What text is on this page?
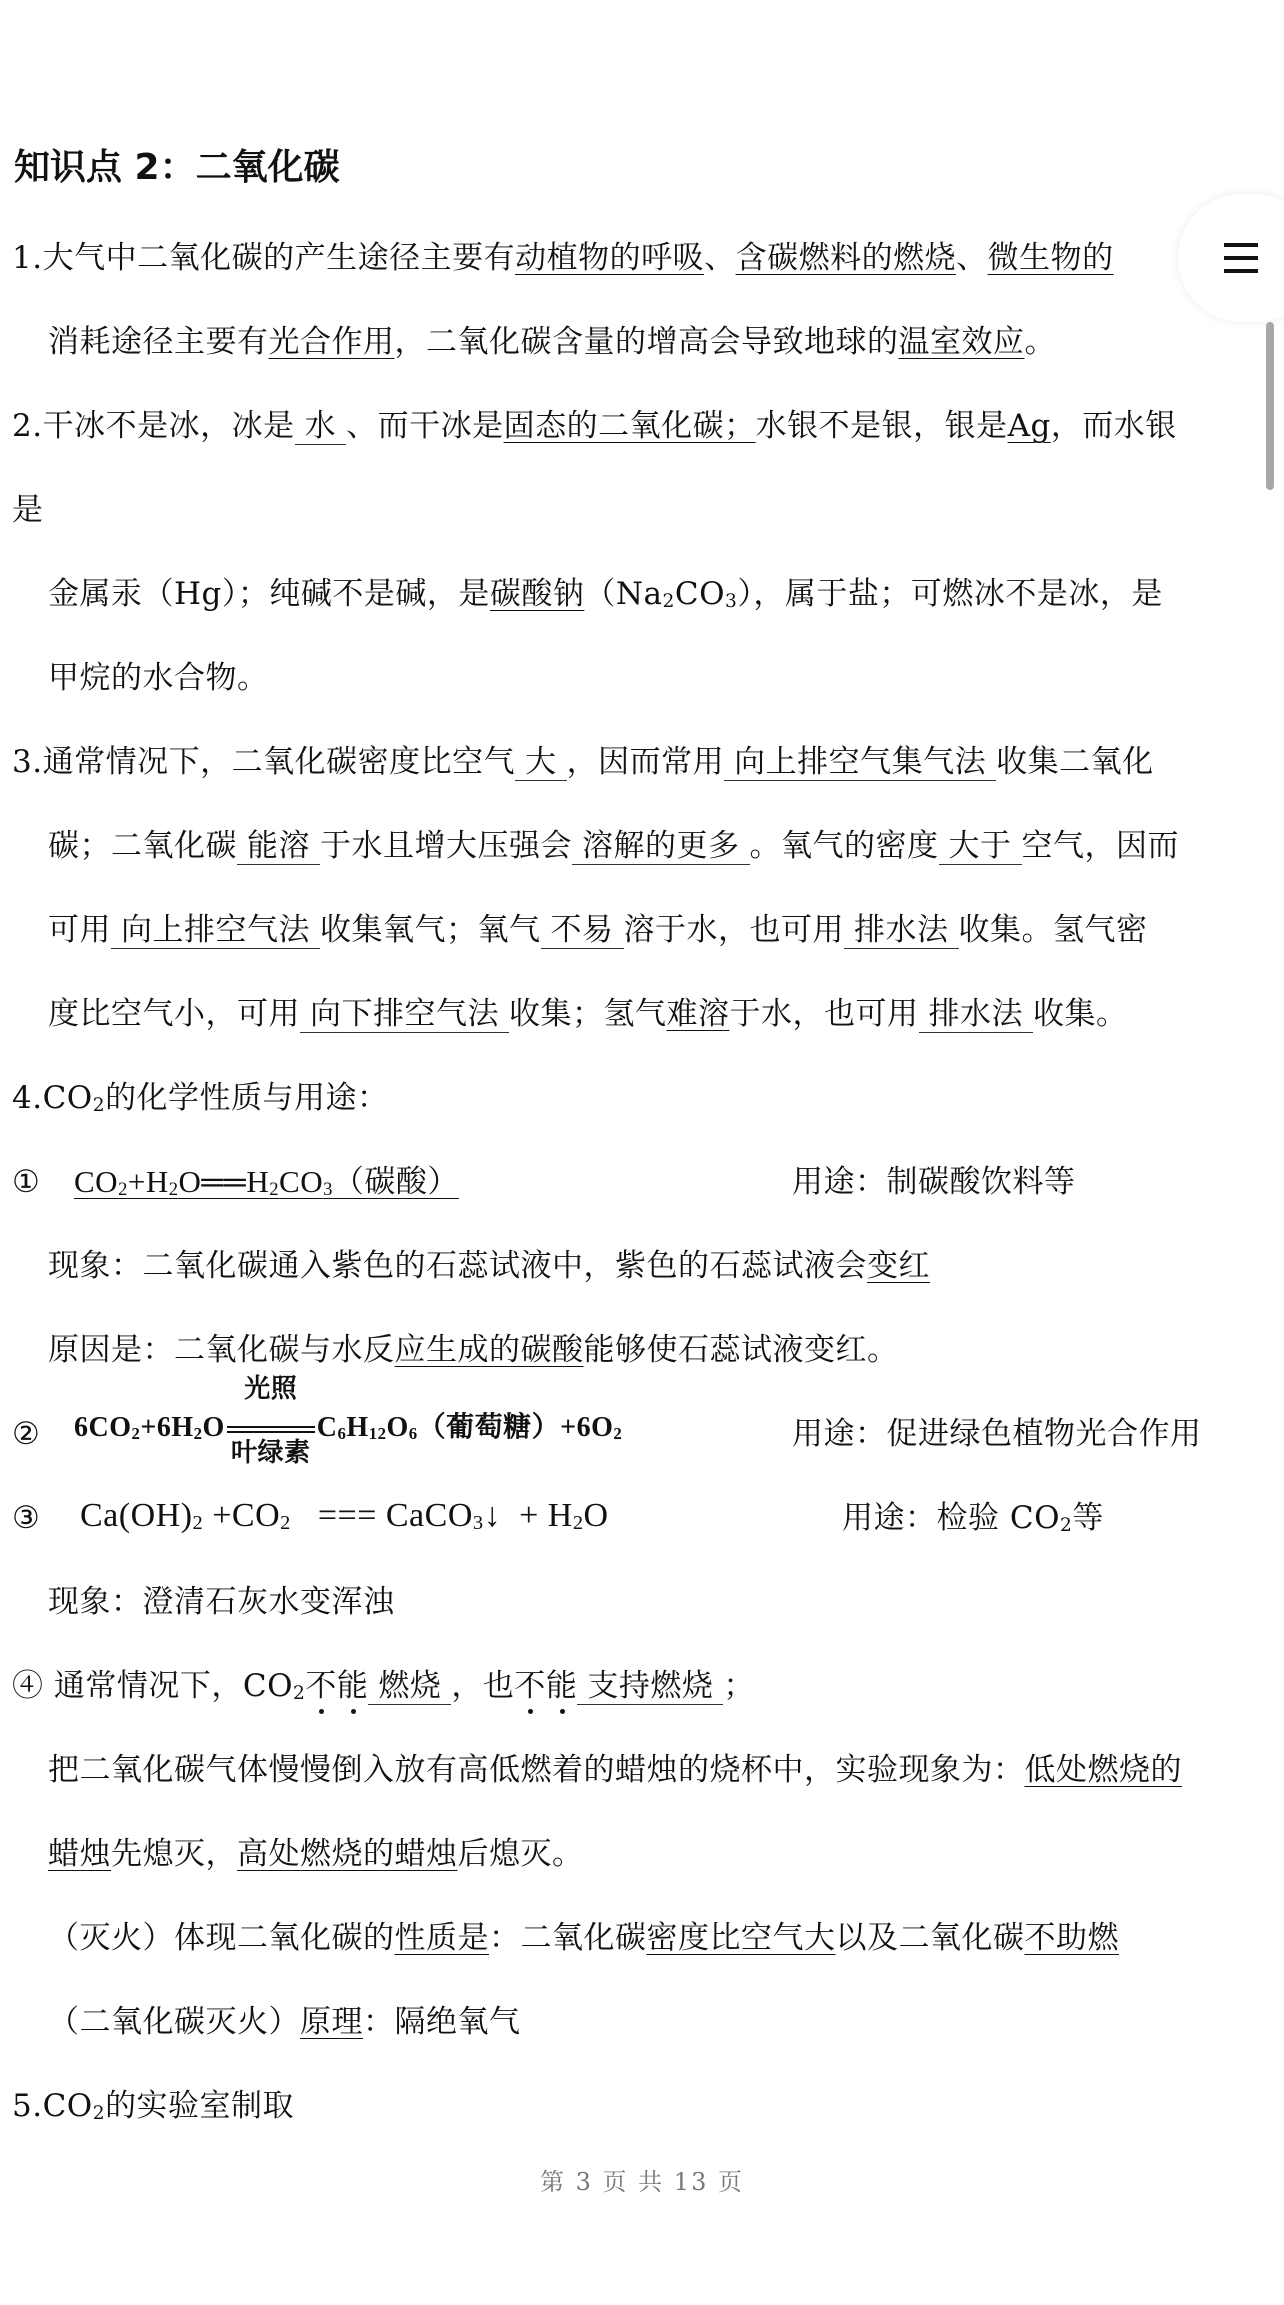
知识点 2：二氧化碳
1.大气中二氧化碳的产生途径主要有动植物的呼吸、含碳燃料的燃烧、微生物的
消耗途径主要有光合作用，二氧化碳含量的增高会导致地球的温室效应。
2.干冰不是冰，冰是 水 、而干冰是固态的二氧化碳；水银不是银，银是Ag，而水银
是
金属汞（Hg）；纯碱不是碱，是碳酸钠$(Na_2CO_3)$，属于盐；可燃冰不是冰，是
甲烷的水合物。
3.通常情况下，二氧化碳密度比空气 大 ，因而常用 向上排空气集气法 收集二氧化
碳；二氧化碳 能溶 于水且增大压强会 溶解的更多 。氧气的密度 大于 空气，因而
可用 向上排空气法 收集氧气；氧气 不易 溶于水，也可用 排水法 收集。氢气密
度比空气小，可用 向下排空气法 收集；氢气难溶于水，也可用 排水法 收集。
$4.CO_2$的化学性质与用途：
① $CO_2+H_2O══H_2CO_3$（碳酸）	用途：制碳酸饮料等
现象：二氧化碳通入紫色的石蕊试液中，紫色的石蕊试液会变红
原因是：二氧化碳与水反应生成的碳酸能够使石蕊试液变红。
② $6CO_2+6H_2O$
光照
叶绿素
$C_6H_{12}O_6$（葡萄糖）$+6O_2$	用途：促进绿色植物光合作用
③ $Ca(OH)_2 +CO_2$   === CaCO$_3$↓  + $H_2O$	用途：检验 $CO_2$等
现象：澄清石灰水变浑浊
④ 通常情况下，$CO_2$不能 燃烧 ，也不能 支持燃烧 ；
把二氧化碳气体慢慢倒入放有高低燃着的蜡烛的烧杯中，实验现象为：低处燃烧的
蜡烛先熄灭，高处燃烧的蜡烛后熄灭。
（灭火）体现二氧化碳的性质是：二氧化碳密度比空气大以及二氧化碳不助燃
（二氧化碳灭火）原理：隔绝氧气
$5.CO_2$的实验室制取
第 3 页 共 13 页
